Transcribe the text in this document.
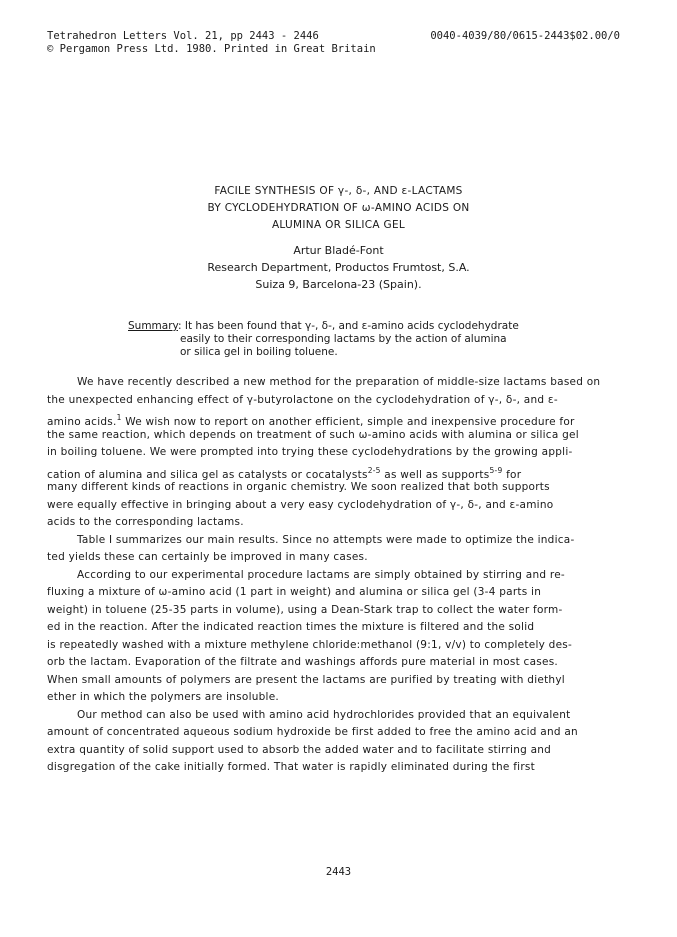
Tetrahedron Letters Vol. 21, pp 2443 - 2446
© Pergamon Press Ltd. 1980. Printed in Great Britain
0040-4039/80/0615-2443$02.00/0
FACILE SYNTHESIS OF γ-, δ-, AND ε-LACTAMS
BY CYCLODEHYDRATION OF ω-AMINO ACIDS ON
ALUMINA OR SILICA GEL
Artur Bladé-Font
Research Department, Productos Frumtost, S.A.
Suiza 9, Barcelona-23 (Spain).
Summary: It has been found that γ-, δ-, and ε-amino acids cyclodehydrate
easily to their corresponding lactams by the action of alumina
or silica gel in boiling toluene.
We have recently described a new method for the preparation of middle-size lactams based on
the unexpected enhancing effect of γ-butyrolactone on the cyclodehydration of γ-, δ-, and ε-
amino acids.$^1$ We wish now to report on another efficient, simple and inexpensive procedure for
the same reaction, which depends on treatment of such ω-amino acids with alumina or silica gel
in boiling toluene. We were prompted into trying these cyclodehydrations by the growing appli-
cation of alumina and silica gel as catalysts or cocatalysts$^{2-5}$ as well as supports$^{5-9}$ for
many different kinds of reactions in organic chemistry. We soon realized that both supports
were equally effective in bringing about a very easy cyclodehydration of γ-, δ-, and ε-amino
acids to the corresponding lactams.
Table I summarizes our main results. Since no attempts were made to optimize the indica-
ted yields these can certainly be improved in many cases.
According to our experimental procedure lactams are simply obtained by stirring and re-
fluxing a mixture of ω-amino acid (1 part in weight) and alumina or silica gel (3-4 parts in
weight) in toluene (25-35 parts in volume), using a Dean-Stark trap to collect the water form-
ed in the reaction. After the indicated reaction times the mixture is filtered and the solid
is repeatedly washed with a mixture methylene chloride:methanol (9:1, v/v) to completely des-
orb the lactam. Evaporation of the filtrate and washings affords pure material in most cases.
When small amounts of polymers are present the lactams are purified by treating with diethyl
ether in which the polymers are insoluble.
Our method can also be used with amino acid hydrochlorides provided that an equivalent
amount of concentrated aqueous sodium hydroxide be first added to free the amino acid and an
extra quantity of solid support used to absorb the added water and to facilitate stirring and
disgregation of the cake initially formed. That water is rapidly eliminated during the first
2443
